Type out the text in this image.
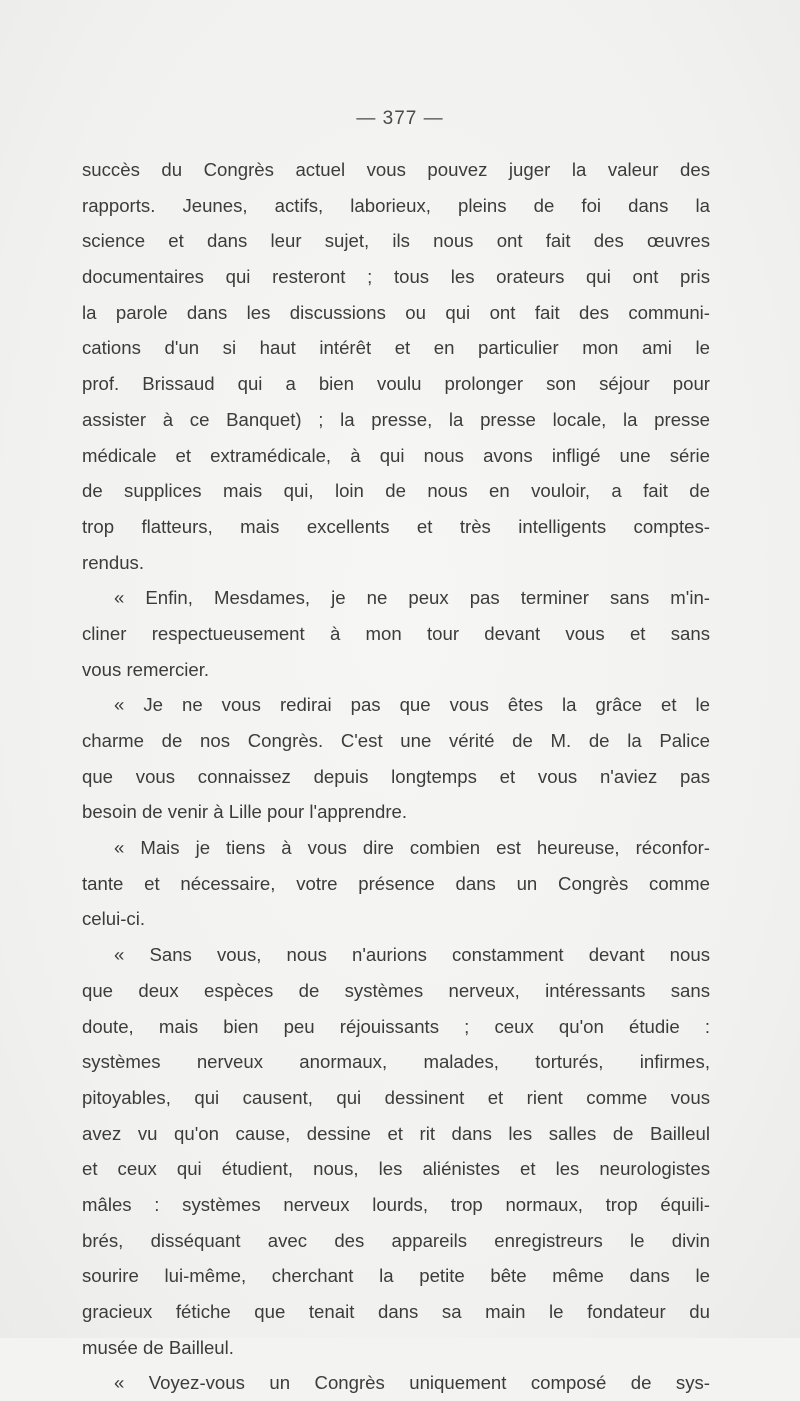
— 377 —
succès du Congrès actuel vous pouvez juger la valeur des
rapports. Jeunes, actifs, laborieux, pleins de foi dans la
science et dans leur sujet, ils nous ont fait des œuvres
documentaires qui resteront ; tous les orateurs qui ont pris
la parole dans les discussions ou qui ont fait des communi-
cations d'un si haut intérêt et en particulier mon ami le
prof. Brissaud qui a bien voulu prolonger son séjour pour
assister à ce Banquet) ; la presse, la presse locale, la presse
médicale et extramédicale, à qui nous avons infligé une série
de supplices mais qui, loin de nous en vouloir, a fait de
trop flatteurs, mais excellents et très intelligents comptes-
rendus.
« Enfin, Mesdames, je ne peux pas terminer sans m'in-
cliner respectueusement à mon tour devant vous et sans
vous remercier.
« Je ne vous redirai pas que vous êtes la grâce et le
charme de nos Congrès. C'est une vérité de M. de la Palice
que vous connaissez depuis longtemps et vous n'aviez pas
besoin de venir à Lille pour l'apprendre.
« Mais je tiens à vous dire combien est heureuse, réconfor-
tante et nécessaire, votre présence dans un Congrès comme
celui-ci.
« Sans vous, nous n'aurions constamment devant nous
que deux espèces de systèmes nerveux, intéressants sans
doute, mais bien peu réjouissants ; ceux qu'on étudie :
systèmes nerveux anormaux, malades, torturés, infirmes,
pitoyables, qui causent, qui dessinent et rient comme vous
avez vu qu'on cause, dessine et rit dans les salles de Bailleul
et ceux qui étudient, nous, les aliénistes et les neurologistes
mâles : systèmes nerveux lourds, trop normaux, trop équili-
brés, disséquant avec des appareils enregistreurs le divin
sourire lui-même, cherchant la petite bête même dans le
gracieux fétiche que tenait dans sa main le fondateur du
musée de Bailleul.
« Voyez-vous un Congrès uniquement composé de sys-
